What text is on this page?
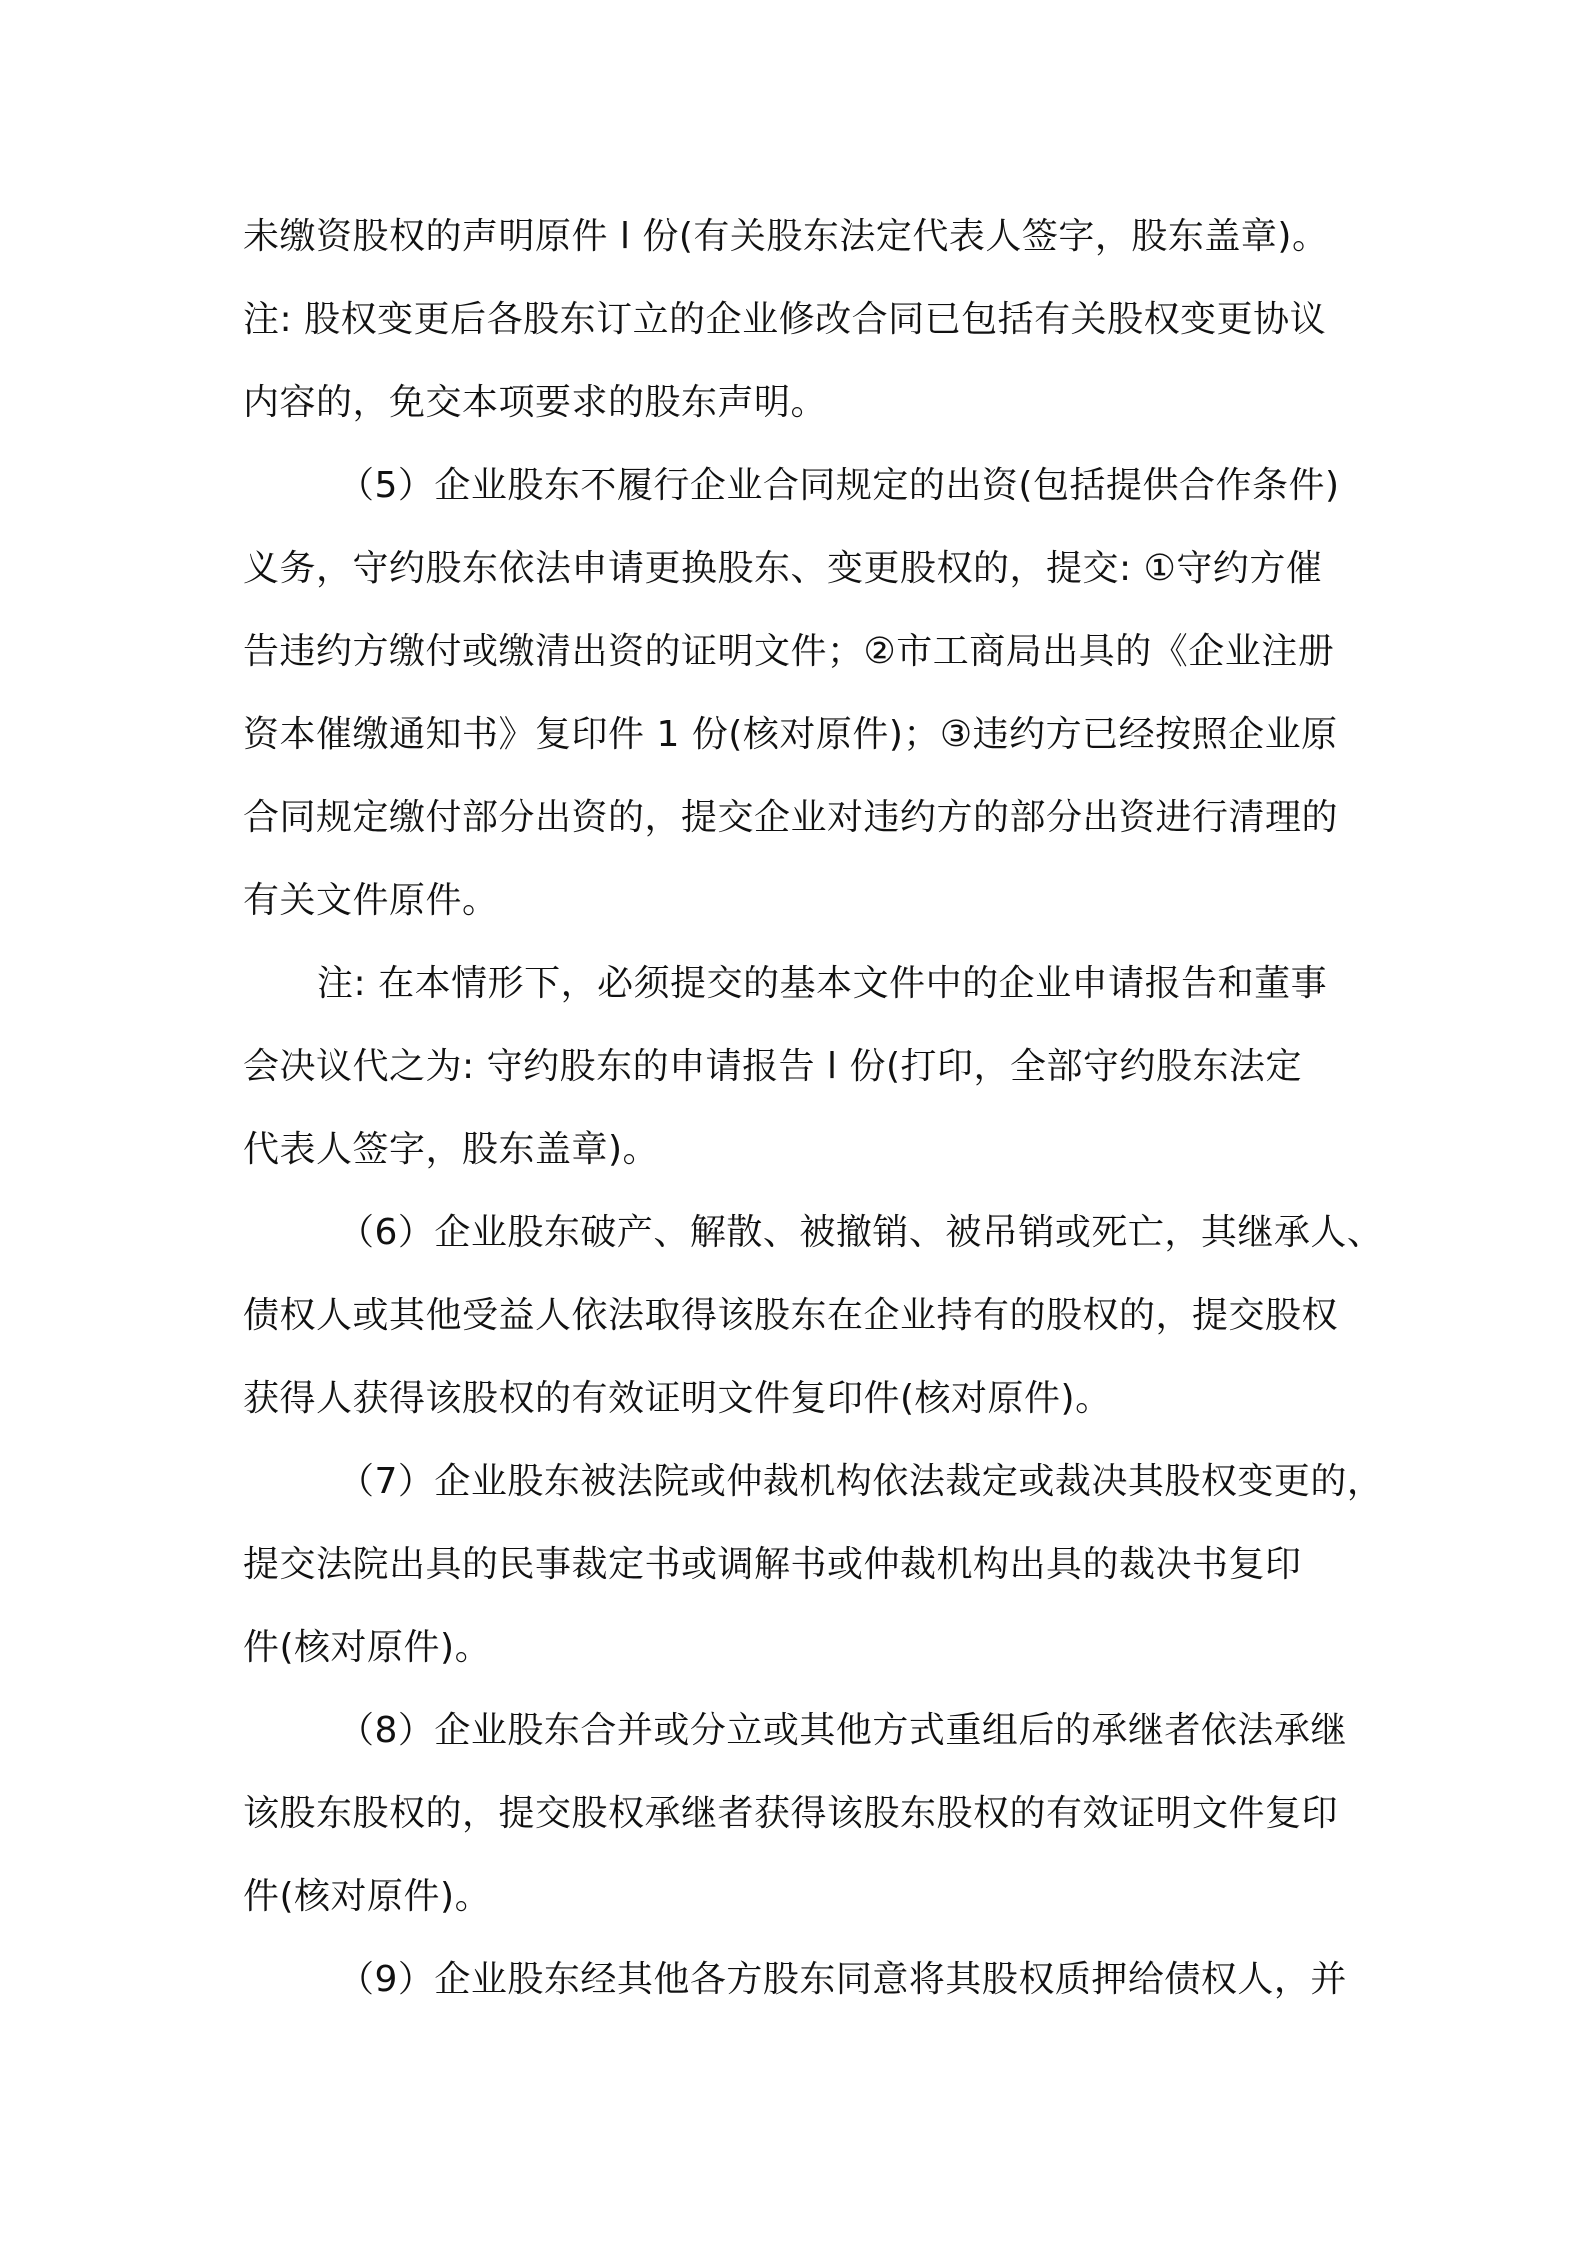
未缴资股权的声明原件 l 份(有关股东法定代表人签字，股东盖章)。
注: 股权变更后各股东订立的企业修改合同已包括有关股权变更协议
内容的，免交本项要求的股东声明。
（5）企业股东不履行企业合同规定的出资(包括提供合作条件)
义务，守约股东依法申请更换股东、变更股权的，提交: ①守约方催
告违约方缴付或缴清出资的证明文件；②市工商局出具的《企业注册
资本催缴通知书》复印件 1 份(核对原件)；③违约方已经按照企业原
合同规定缴付部分出资的，提交企业对违约方的部分出资进行清理的
有关文件原件。
注: 在本情形下，必须提交的基本文件中的企业申请报告和董事
会决议代之为: 守约股东的申请报告 l 份(打印，全部守约股东法定
代表人签字，股东盖章)。
（6）企业股东破产、解散、被撤销、被吊销或死亡，其继承人、
债权人或其他受益人依法取得该股东在企业持有的股权的，提交股权
获得人获得该股权的有效证明文件复印件(核对原件)。
（7）企业股东被法院或仲裁机构依法裁定或裁决其股权变更的，
提交法院出具的民事裁定书或调解书或仲裁机构出具的裁决书复印
件(核对原件)。
（8）企业股东合并或分立或其他方式重组后的承继者依法承继
该股东股权的，提交股权承继者获得该股东股权的有效证明文件复印
件(核对原件)。
（9）企业股东经其他各方股东同意将其股权质押给债权人，并
